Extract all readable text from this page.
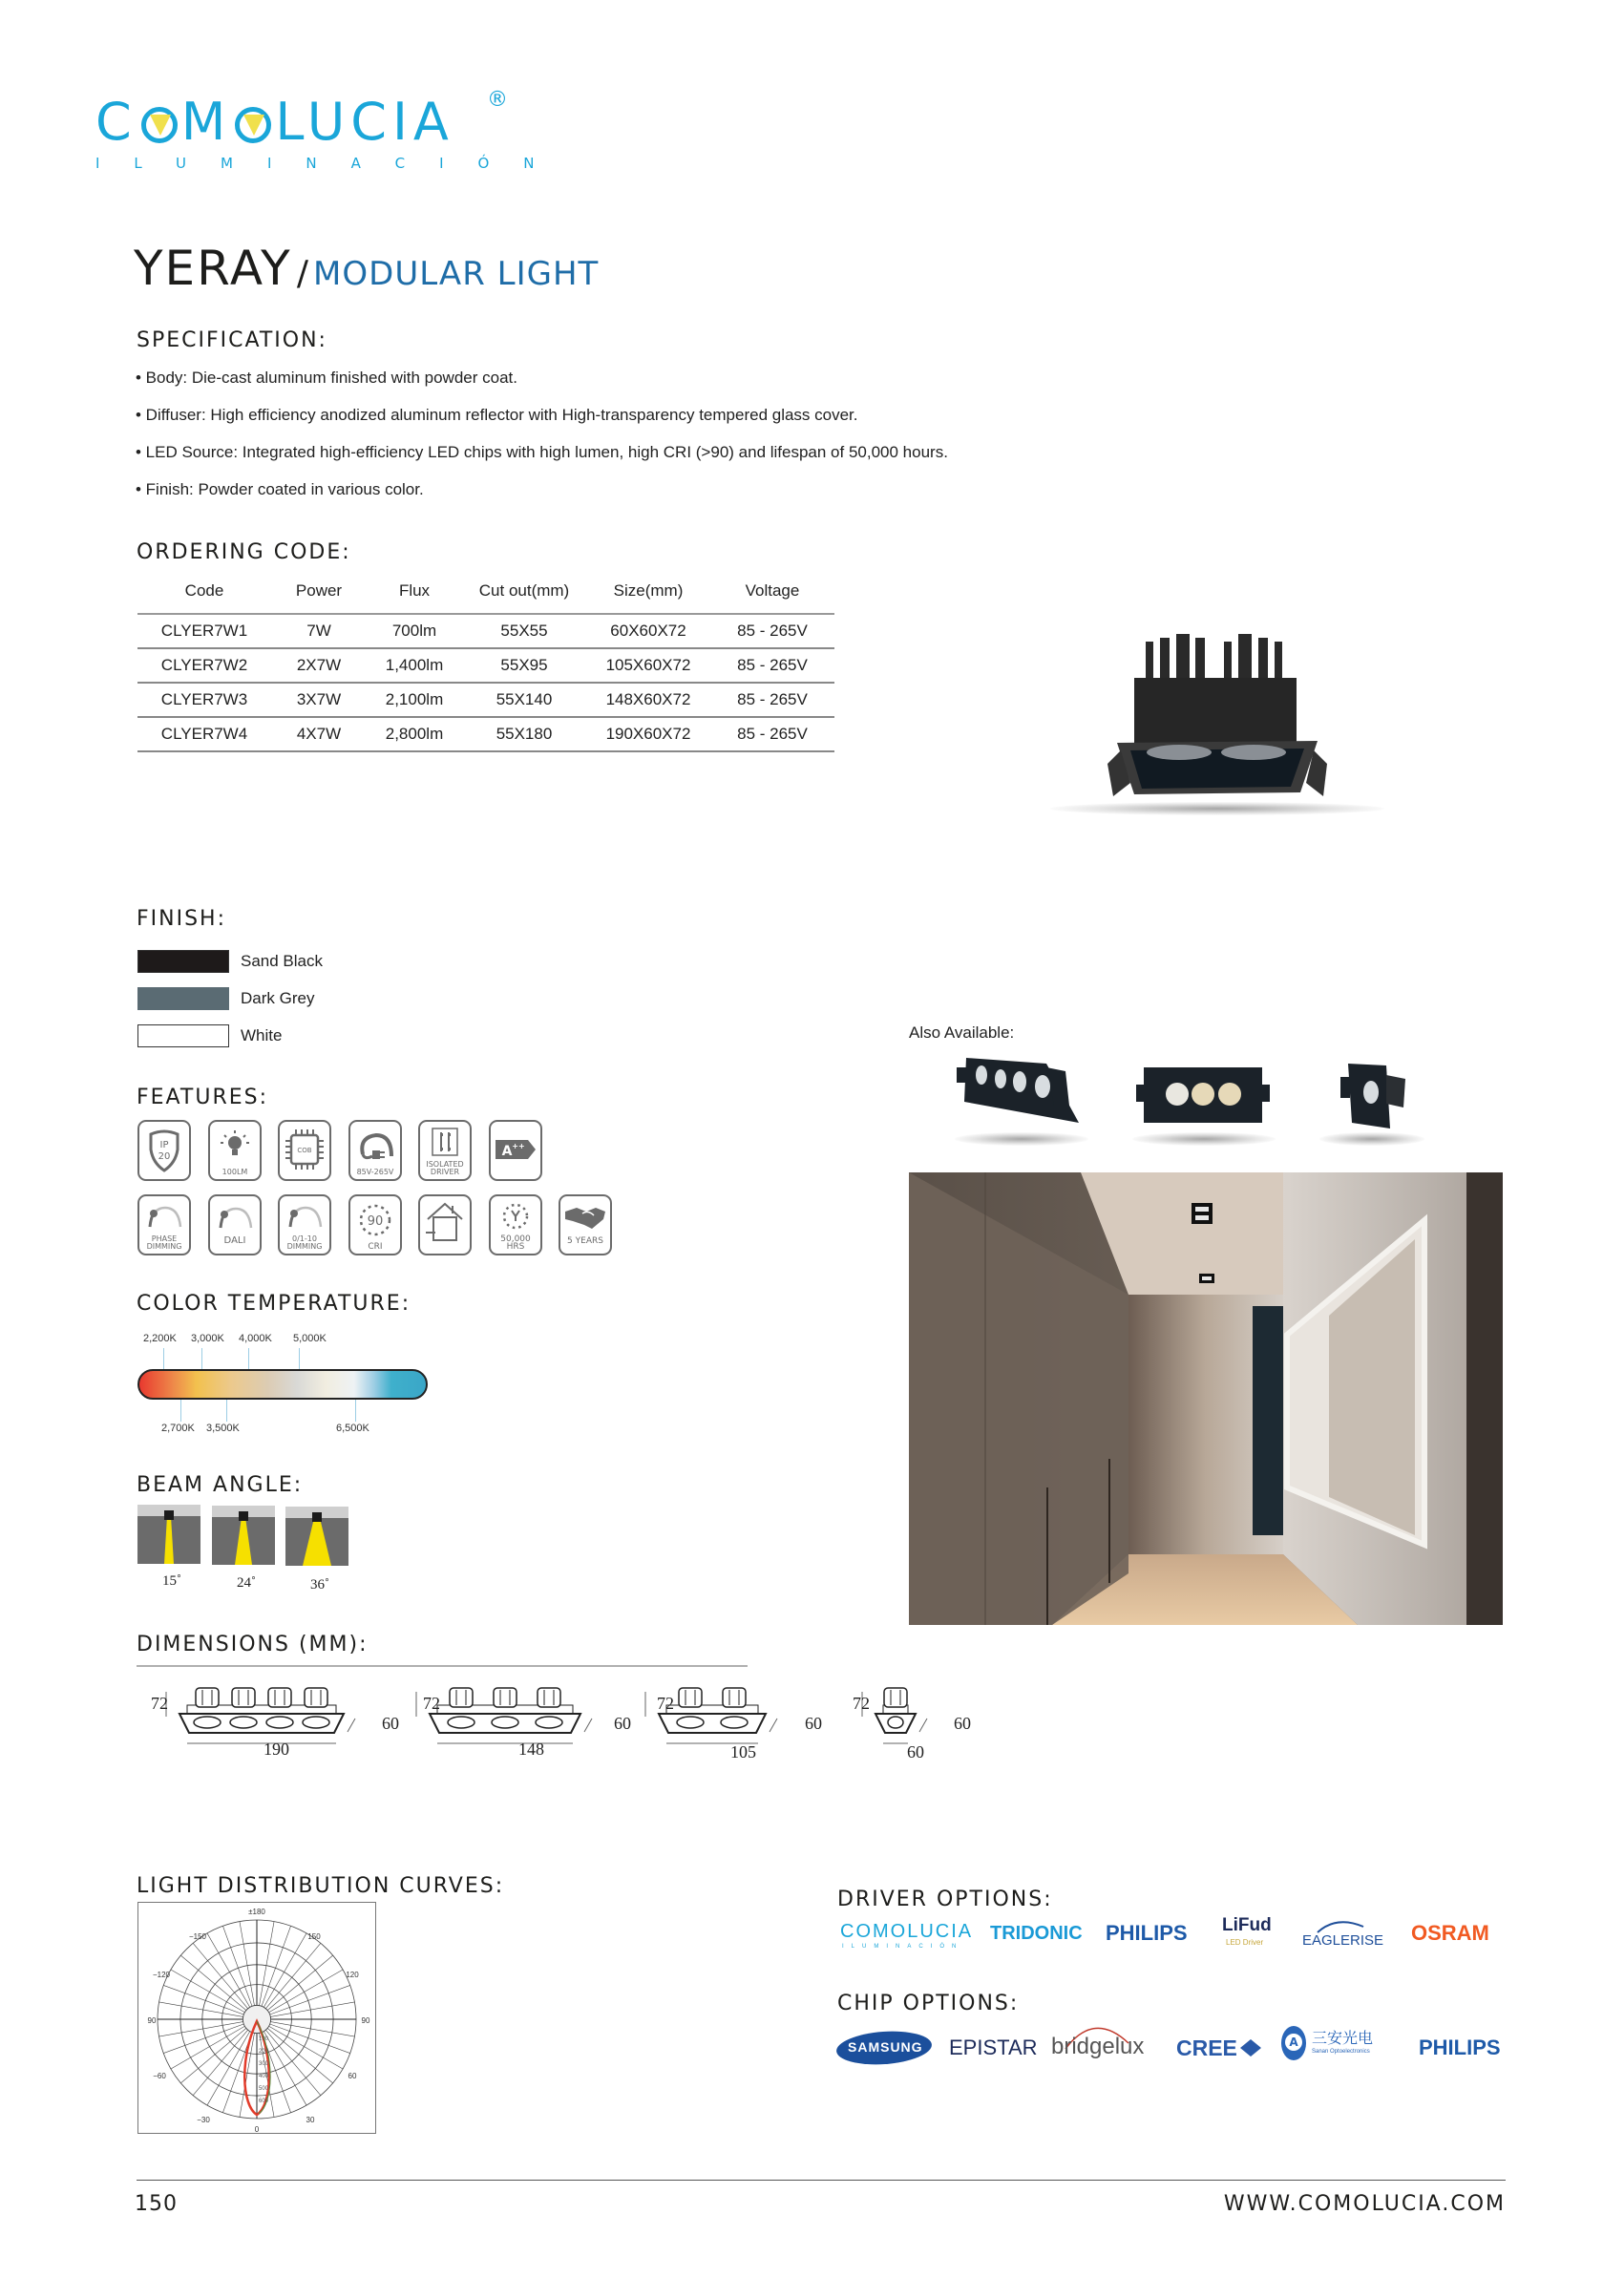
C M LUCIA	®
ILUMINACIÓN
YERAY / MODULAR LIGHT
SPECIFICATION:
• Body: Die-cast aluminum finished with powder coat.
• Diffuser: High efficiency anodized aluminum reflector with High-transparency tempered glass cover.
• LED Source: Integrated high-efficiency LED chips with high lumen, high CRI (>90) and lifespan of 50,000 hours.
• Finish: Powder coated in various color.
ORDERING CODE:
Code	Power	Flux	Cut out(mm)	Size(mm)	Voltage
CLYER7W1	7W	700lm	55X55	60X60X72	85 - 265V
CLYER7W2	2X7W	1,400lm	55X95	105X60X72	85 - 265V
CLYER7W3	3X7W	2,100lm	55X140	148X60X72	85 - 265V
CLYER7W4	4X7W	2,800lm	55X180	190X60X72	85 - 265V
FINISH:
Sand Black
Dark Grey
White
FEATURES:
IP
20
100LM
COB
85V-265V
ISOLATED DRIVER
A ++
PHASE DIMMING
DALI	0/1-10 DIMMING
90
CRI
50,000 HRS
5 YEARS
COLOR TEMPERATURE:
2,200K 3,000K 4,000K 5,000K
2,700K 3,500K	6,500K
BEAM ANGLE:
15˚	24˚	36˚
DIMENSIONS (MM):
72
60
190
72
60
148
72
60
105
72
60
60
Also Available:
LIGHT DISTRIBUTION CURVES:
±180
−150	150
−120	120
90	90
−60	60
−30	30
0
100
200
300
400
500
600
DRIVER OPTIONS:
COMOLUCIA
ILUMINACIÓN
TRIDONIC PHILIPS LiFud
LED Driver	EAGLERISE OSRAM
CHIP OPTIONS:
SAMSUNG EPISTAR bridgelux CREE	A 三安光电
Sanan Optoelectronics PHILIPS
150	WWW.COMOLUCIA.COM
